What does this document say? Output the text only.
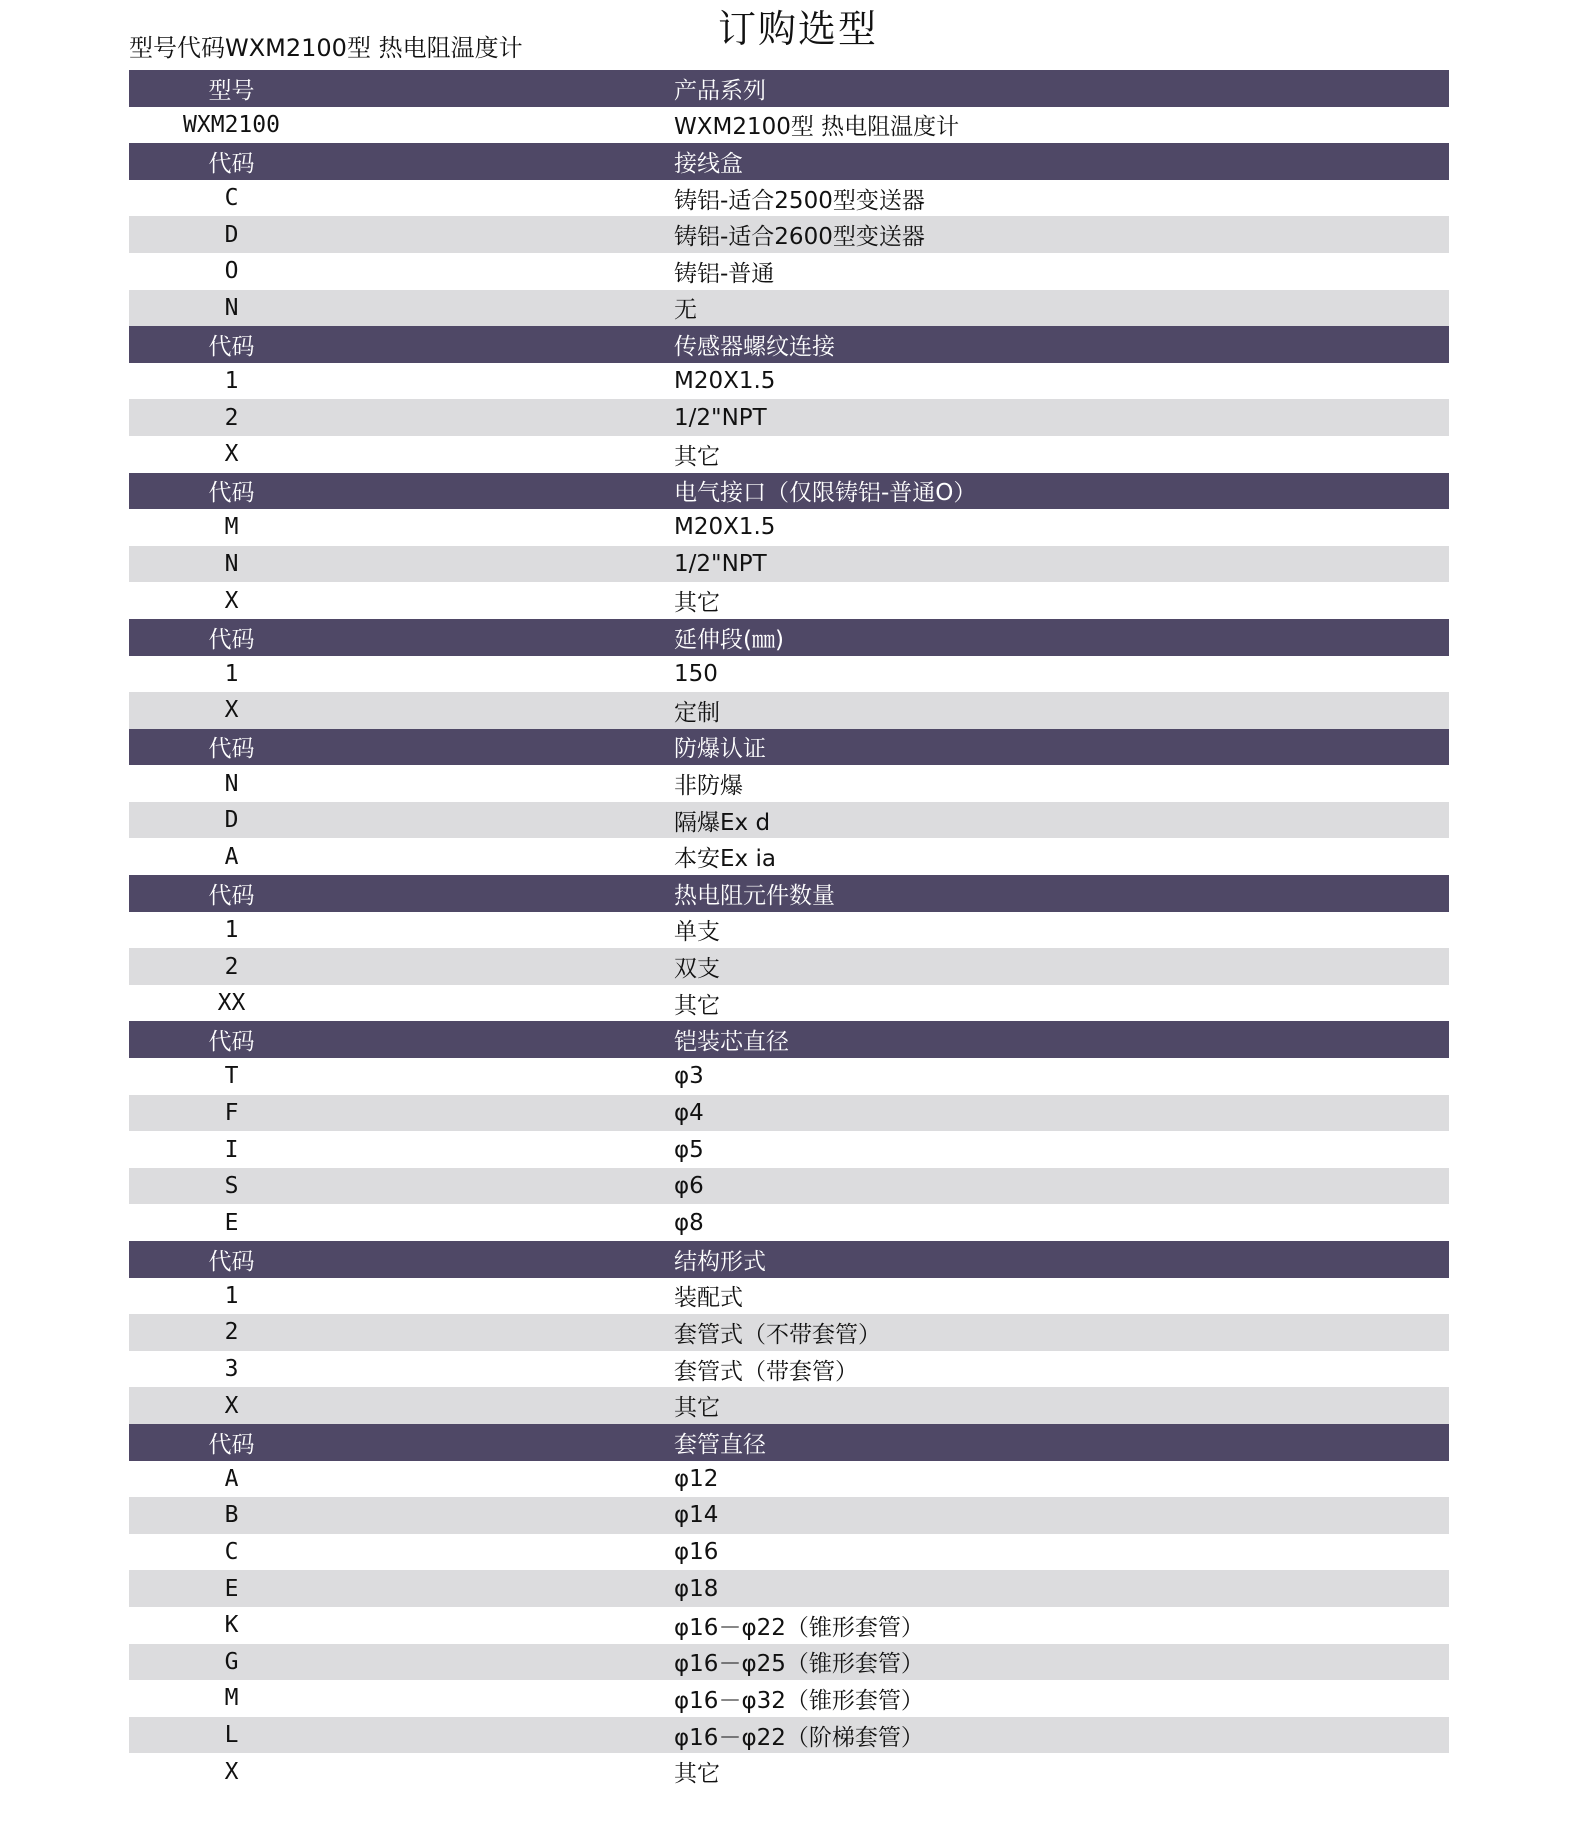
订购选型
型号代码WXM2100型 热电阻温度计
型号	产品系列
WXM2100	WXM2100型 热电阻温度计
代码	接线盒
C	铸铝-适合2500型变送器
D	铸铝-适合2600型变送器
O	铸铝-普通
N	无
代码	传感器螺纹连接
1	M20X1.5
2	1/2"NPT
X	其它
代码	电气接口（仅限铸铝-普通O）
M	M20X1.5
N	1/2"NPT
X	其它
代码	延伸段(㎜)
1	150
X	定制
代码	防爆认证
N	非防爆
D	隔爆Ex d
A	本安Ex ia
代码	热电阻元件数量
1	单支
2	双支
XX	其它
代码	铠装芯直径
T	φ3
F	φ4
I	φ5
S	φ6
E	φ8
代码	结构形式
1	装配式
2	套管式（不带套管）
3	套管式（带套管）
X	其它
代码	套管直径
A	φ12
B	φ14
C	φ16
E	φ18
K	φ16－φ22（锥形套管）
G	φ16－φ25（锥形套管）
M	φ16－φ32（锥形套管）
L	φ16－φ22（阶梯套管）
X	其它
